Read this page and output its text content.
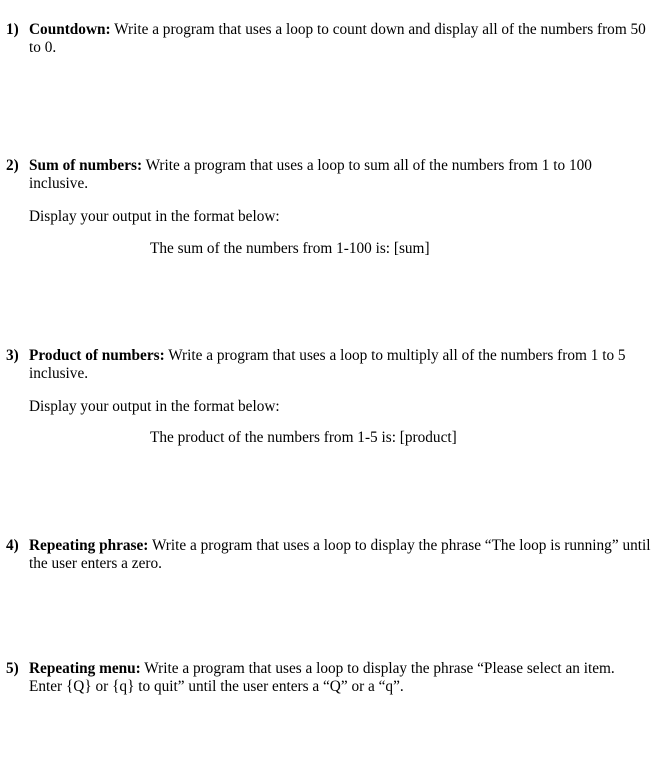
1) Countdown: Write a program that uses a loop to count down and display all of the numbers from 50 to 0.
2) Sum of numbers: Write a program that uses a loop to sum all of the numbers from 1 to 100 inclusive.
Display your output in the format below:
The sum of the numbers from 1-100 is: [sum]
3) Product of numbers: Write a program that uses a loop to multiply all of the numbers from 1 to 5 inclusive.
Display your output in the format below:
The product of the numbers from 1-5 is: [product]
4) Repeating phrase: Write a program that uses a loop to display the phrase “The loop is running” until the user enters a zero.
5) Repeating menu: Write a program that uses a loop to display the phrase “Please select an item. Enter {Q} or {q} to quit” until the user enters a “Q” or a “q”.
